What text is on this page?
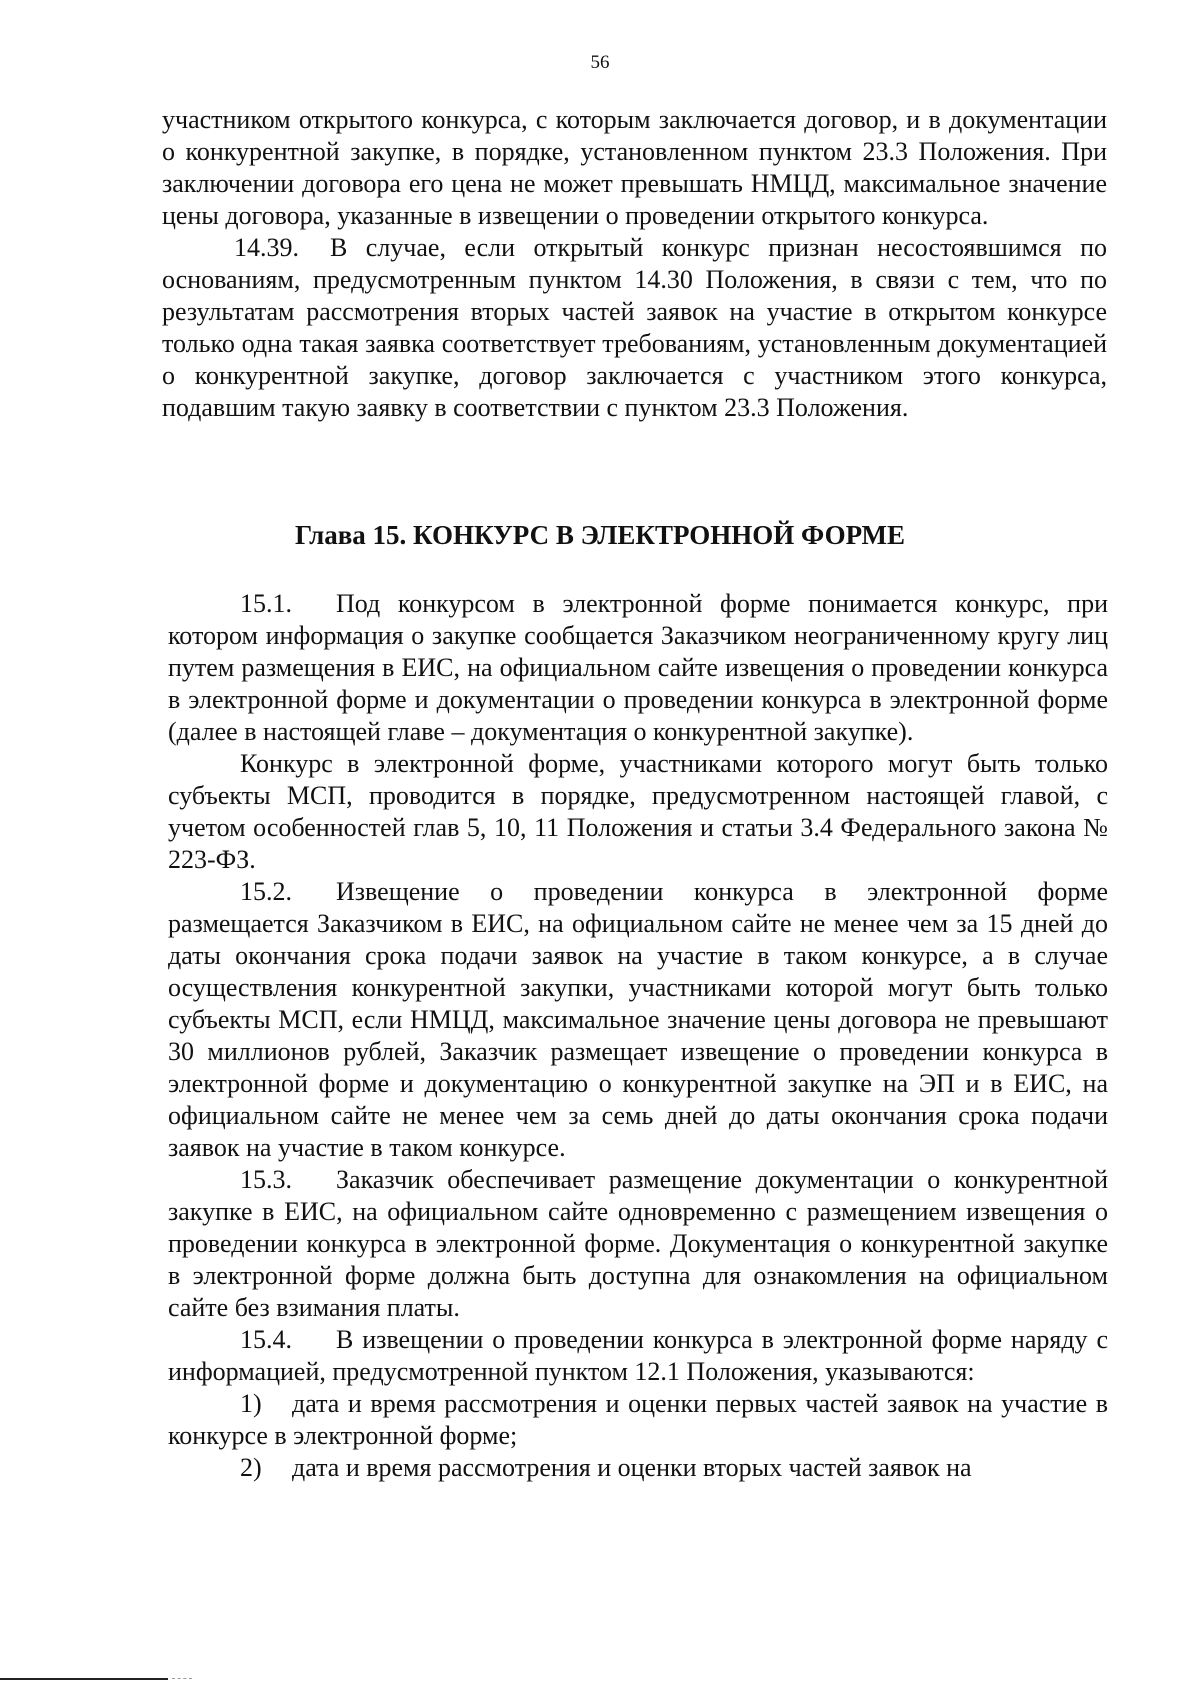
56

участником открытого конкурса, с которым заключается договор, и в документации о конкурентной закупке, в порядке, установленном пунктом 23.3 Положения. При заключении договора его цена не может превышать НМЦД, максимальное значение цены договора, указанные в извещении о проведении открытого конкурса.

14.39. В случае, если открытый конкурс признан несостоявшимся по основаниям, предусмотренным пунктом 14.30 Положения, в связи с тем, что по результатам рассмотрения вторых частей заявок на участие в открытом конкурсе только одна такая заявка соответствует требованиям, установленным документацией о конкурентной закупке, договор заключается с участником этого конкурса, подавшим такую заявку в соответствии с пунктом 23.3 Положения.

Глава 15. КОНКУРС В ЭЛЕКТРОННОЙ ФОРМЕ

15.1. Под конкурсом в электронной форме понимается конкурс, при котором информация о закупке сообщается Заказчиком неограниченному кругу лиц путем размещения в ЕИС, на официальном сайте извещения о проведении конкурса в электронной форме и документации о проведении конкурса в электронной форме (далее в настоящей главе – документация о конкурентной закупке).

Конкурс в электронной форме, участниками которого могут быть только субъекты МСП, проводится в порядке, предусмотренном настоящей главой, с учетом особенностей глав 5, 10, 11 Положения и статьи 3.4 Федерального закона № 223-ФЗ.

15.2. Извещение о проведении конкурса в электронной форме размещается Заказчиком в ЕИС, на официальном сайте не менее чем за 15 дней до даты окончания срока подачи заявок на участие в таком конкурсе, а в случае осуществления конкурентной закупки, участниками которой могут быть только субъекты МСП, если НМЦД, максимальное значение цены договора не превышают 30 миллионов рублей, Заказчик размещает извещение о проведении конкурса в электронной форме и документацию о конкурентной закупке на ЭП и в ЕИС, на официальном сайте не менее чем за семь дней до даты окончания срока подачи заявок на участие в таком конкурсе.

15.3. Заказчик обеспечивает размещение документации о конкурентной закупке в ЕИС, на официальном сайте одновременно с размещением извещения о проведении конкурса в электронной форме. Документация о конкурентной закупке в электронной форме должна быть доступна для ознакомления на официальном сайте без взимания платы.

15.4. В извещении о проведении конкурса в электронной форме наряду с информацией, предусмотренной пунктом 12.1 Положения, указываются:

1) дата и время рассмотрения и оценки первых частей заявок на участие в конкурсе в электронной форме;

2) дата и время рассмотрения и оценки вторых частей заявок на
